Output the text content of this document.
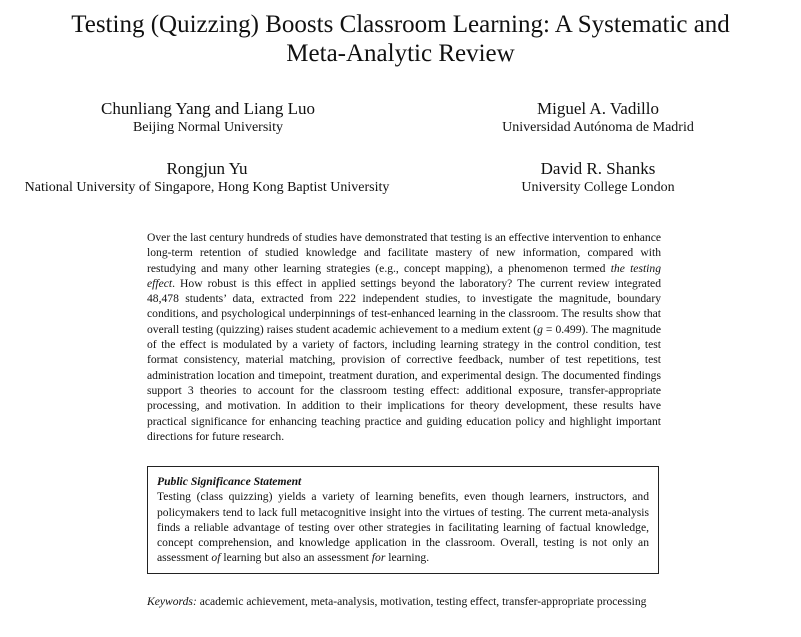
Testing (Quizzing) Boosts Classroom Learning: A Systematic and
Meta-Analytic Review
Chunliang Yang and Liang Luo
Beijing Normal University
Miguel A. Vadillo
Universidad Autónoma de Madrid
Rongjun Yu
National University of Singapore, Hong Kong Baptist University
David R. Shanks
University College London
Over the last century hundreds of studies have demonstrated that testing is an effective intervention to enhance long-term retention of studied knowledge and facilitate mastery of new information, compared with restudying and many other learning strategies (e.g., concept mapping), a phenomenon termed the testing effect. How robust is this effect in applied settings beyond the laboratory? The current review integrated 48,478 students’ data, extracted from 222 independent studies, to investigate the magnitude, boundary conditions, and psychological underpinnings of test-enhanced learning in the classroom. The results show that overall testing (quizzing) raises student academic achievement to a medium extent (g = 0.499). The magnitude of the effect is modulated by a variety of factors, including learning strategy in the control condition, test format consistency, material matching, provision of corrective feedback, number of test repetitions, test administration location and timepoint, treatment duration, and experimental design. The documented findings support 3 theories to account for the classroom testing effect: additional exposure, transfer-appropriate processing, and motivation. In addition to their implications for theory development, these results have practical significance for enhancing teaching practice and guiding education policy and highlight important directions for future research.
Public Significance Statement
Testing (class quizzing) yields a variety of learning benefits, even though learners, instructors, and policymakers tend to lack full metacognitive insight into the virtues of testing. The current meta-analysis finds a reliable advantage of testing over other strategies in facilitating learning of factual knowledge, concept comprehension, and knowledge application in the classroom. Overall, testing is not only an assessment of learning but also an assessment for learning.
Keywords: academic achievement, meta-analysis, motivation, testing effect, transfer-appropriate processing
